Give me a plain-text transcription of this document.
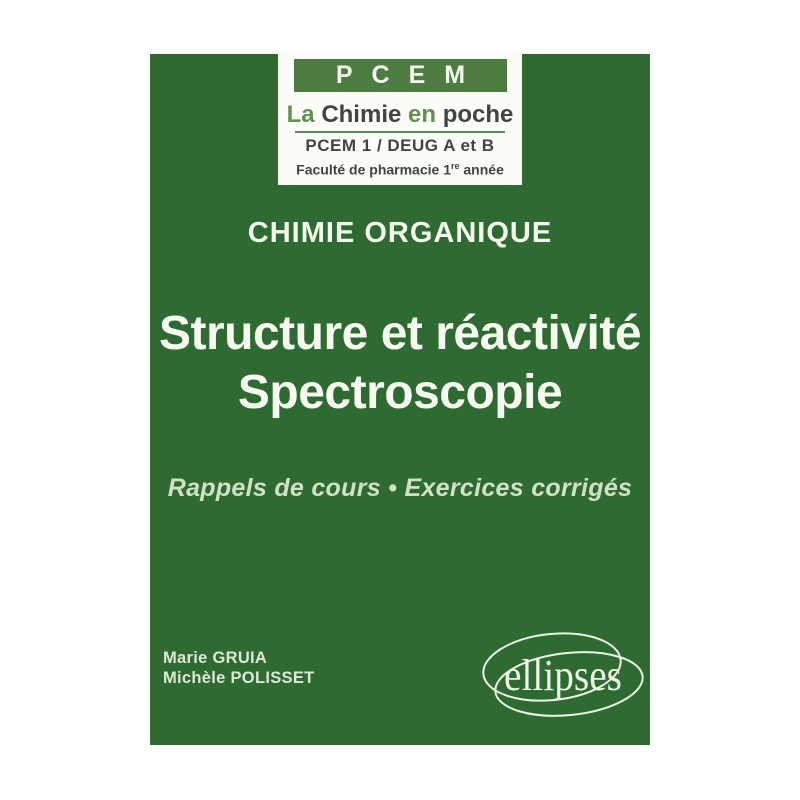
PCEM
La Chimie en poche
PCEM 1 / DEUG A et B
Faculté de pharmacie 1re année
CHIMIE ORGANIQUE
Structure et réactivité
Spectroscopie
Rappels de cours • Exercices corrigés
Marie GRUIA
Michèle POLISSET	ellipses
